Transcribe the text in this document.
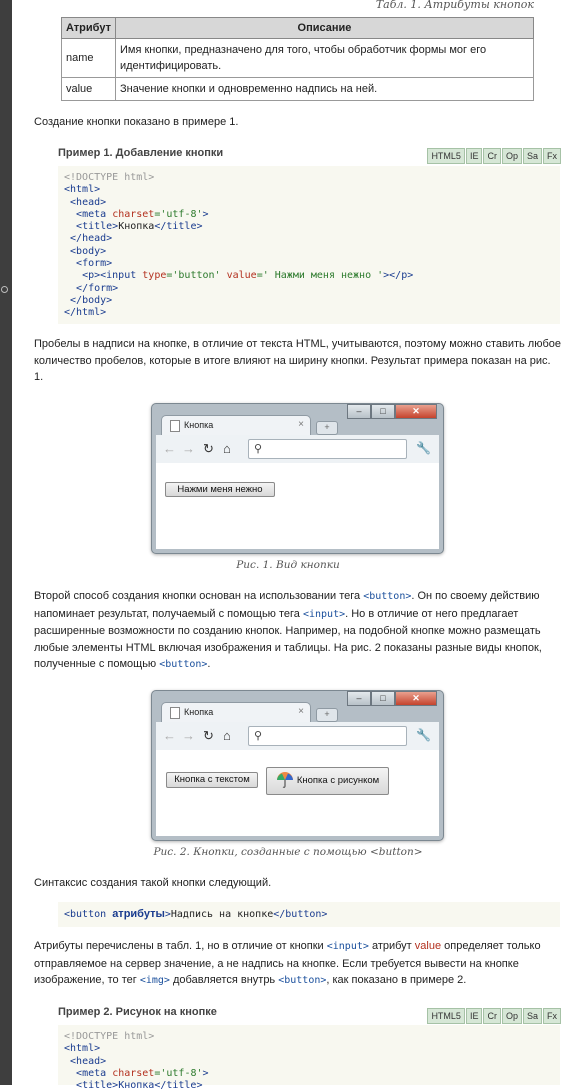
Табл. 1. Атрибуты кнопок
Атрибут	Описание
name	Имя кнопки, предназначено для того, чтобы обработчик формы мог его идентифицировать.
value	Значение кнопки и одновременно надпись на ней.
Создание кнопки показано в примере 1.
Пример 1. Добавление кнопки	HTML5	IE	Cr	Op	Sa	Fx
<!DOCTYPE html>
<html>
<head>
<meta charset='utf-8'>
<title>Кнопка</title>
</head>
<body>
<form>
<p><input type='button' value=' Нажми меня нежно '></p>
</form>
</body>
</html>
Пробелы в надписи на кнопке, в отличие от текста HTML, учитываются, поэтому можно ставить любое количество пробелов, которые в итоге влияют на ширину кнопки. Результат примера показан на рис. 1.
–	□	✕
Кнопка	×	+
← → ↻ ⌂ ⚲	🔧
Нажми меня нежно
Рис. 1. Вид кнопки
Второй способ создания кнопки основан на использовании тега <button>. Он по своему действию напоминает результат, получаемый с помощью тега <input>. Но в отличие от него предлагает расширенные возможности по созданию кнопок. Например, на подобной кнопке можно размещать любые элементы HTML включая изображения и таблицы. На рис. 2 показаны разные виды кнопок, полученные с помощью <button>.
–	□	✕
Кнопка	×	+
← → ↻ ⌂ ⚲	🔧
Кнопка с текстом	Кнопка с рисунком
Рис. 2. Кнопки, созданные с помощью <button>
Синтаксис создания такой кнопки следующий.
<button атрибуты>Надпись на кнопке</button>
Атрибуты перечислены в табл. 1, но в отличие от кнопки <input> атрибут value определяет только отправляемое на сервер значение, а не надпись на кнопке. Если требуется вывести на кнопке изображение, то тег <img> добавляется внутрь <button>, как показано в примере 2.
Пример 2. Рисунок на кнопке	HTML5	IE	Cr	Op	Sa	Fx
<!DOCTYPE html>
<html>
<head>
<meta charset='utf-8'>
<title>Кнопка</title>
